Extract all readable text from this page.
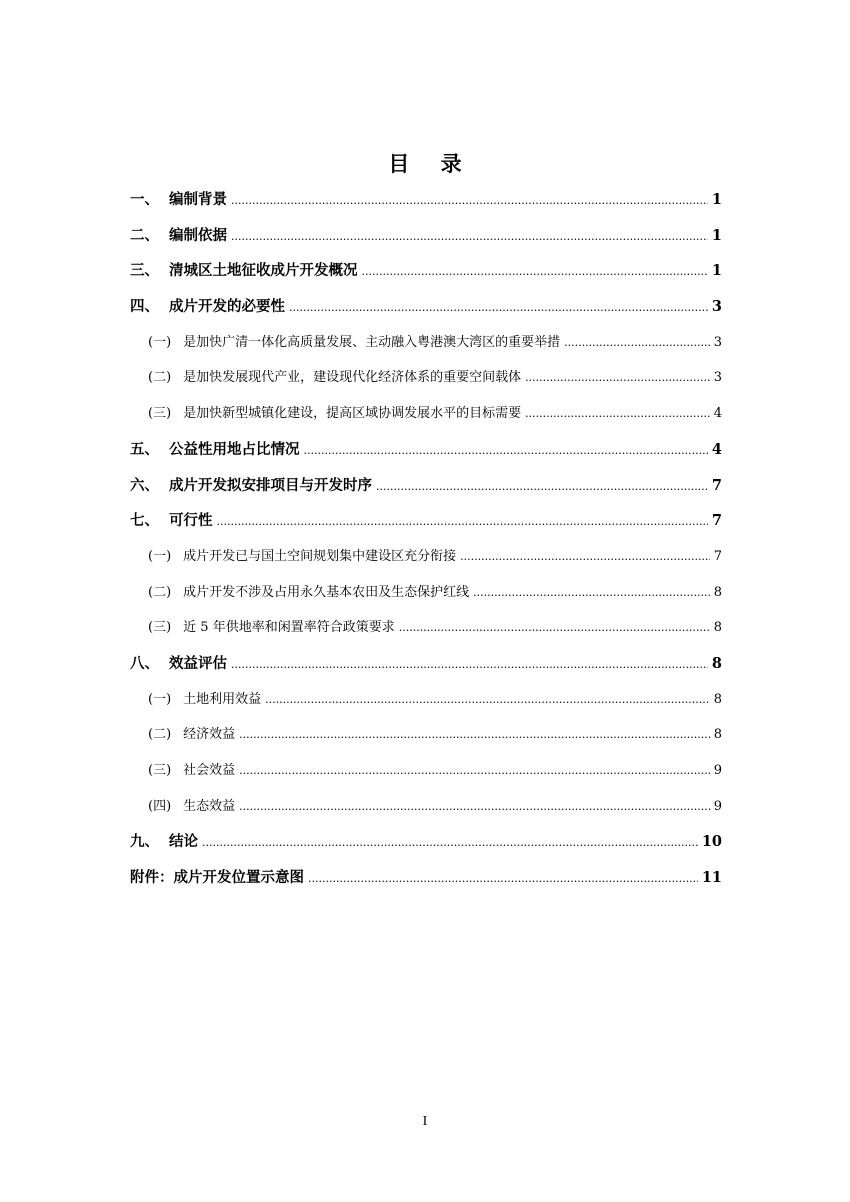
目 录
一、 编制背景 .....	1
二、 编制依据 .....	1
三、 清城区土地征收成片开发概况 .....	1
四、 成片开发的必要性 .....	3
(一) 是加快广清一体化高质量发展、主动融入粤港澳大湾区的重要举措 .....	3
(二) 是加快发展现代产业，建设现代化经济体系的重要空间载体 .....	3
(三) 是加快新型城镇化建设，提高区域协调发展水平的目标需要 .....	4
五、 公益性用地占比情况 .....	4
六、 成片开发拟安排项目与开发时序 .....	7
七、 可行性 .....	7
(一) 成片开发已与国土空间规划集中建设区充分衔接 .....	7
(二) 成片开发不涉及占用永久基本农田及生态保护红线 .....	8
(三) 近 5 年供地率和闲置率符合政策要求 .....	8
八、 效益评估 .....	8
(一) 土地利用效益 .....	8
(二) 经济效益 .....	8
(三) 社会效益 .....	9
(四) 生态效益 .....	9
九、 结论 .....	10
附件：成片开发位置示意图 .....	11
I
